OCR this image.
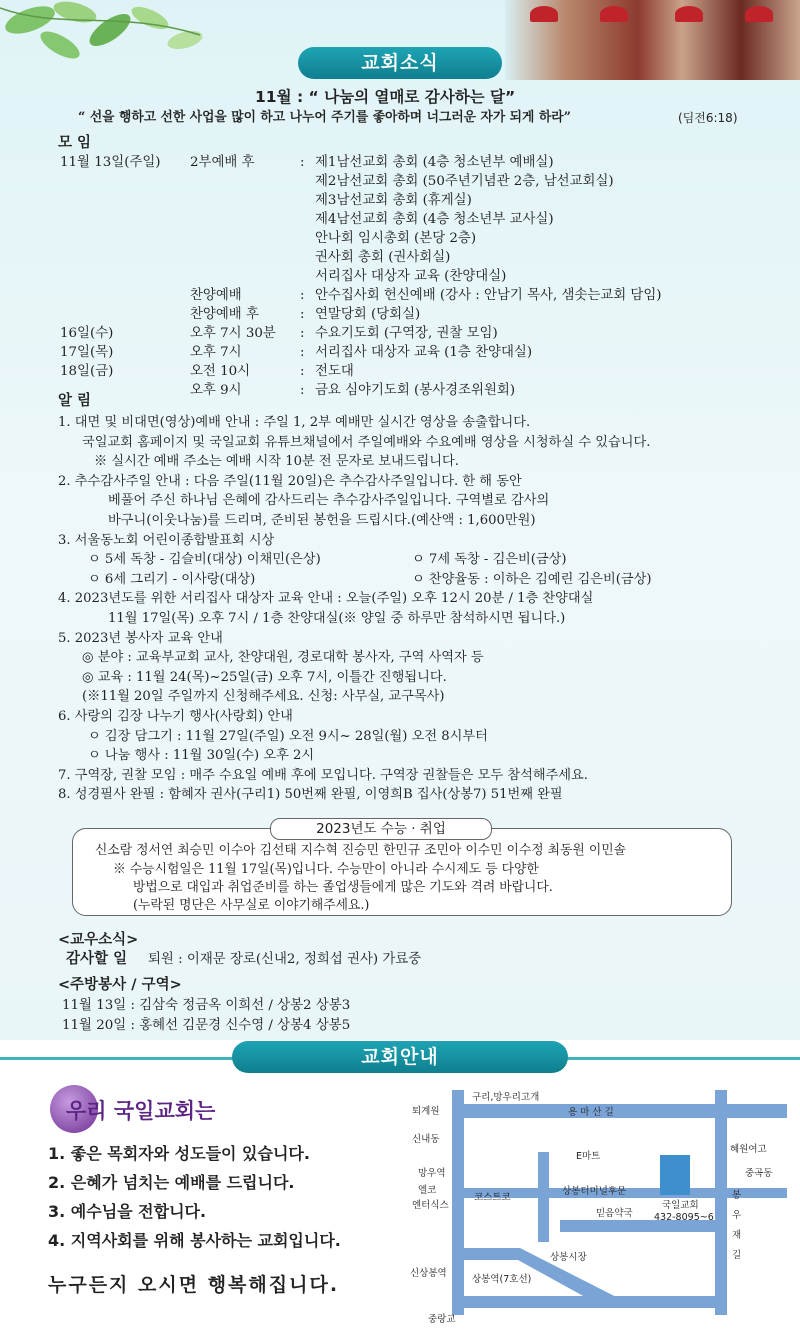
교회소식
11월 : “ 나눔의 열매로 감사하는 달”
“ 선을 행하고 선한 사업을 많이 하고 나누어 주기를 좋아하며 너그러운 자가 되게 하라”	(딤전6:18)
모 임
11월 13일(주일) 2부예배 후	: 제1남선교회 총회 (4층 청소년부 예배실)
제2남선교회 총회 (50주년기념관 2층, 남선교회실)
제3남선교회 총회 (휴게실)
제4남선교회 총회 (4층 청소년부 교사실)
안나회 임시총회 (본당 2층)
권사회 총회 (권사회실)
서리집사 대상자 교육 (찬양대실)
찬양예배	: 안수집사회 헌신예배 (강사 : 안남기 목사, 샘솟는교회 담임)
찬양예배 후	: 연말당회 (당회실)
16일(수)	오후 7시 30분 : 수요기도회 (구역장, 권찰 모임)
17일(목)	오후 7시	: 서리집사 대상자 교육 (1층 찬양대실)
18일(금)	오전 10시	: 전도대
오후 9시	: 금요 심야기도회 (봉사경조위원회)
알 림
1. 대면 및 비대면(영상)예배 안내 : 주일 1, 2부 예배만 실시간 영상을 송출합니다.
국일교회 홈페이지 및 국일교회 유튜브채널에서 주일예배와 수요예배 영상을 시청하실 수 있습니다.
※ 실시간 예배 주소는 예배 시작 10분 전 문자로 보내드립니다.
2. 추수감사주일 안내 : 다음 주일(11월 20일)은 추수감사주일입니다. 한 해 동안
베풀어 주신 하나님 은혜에 감사드리는 추수감사주일입니다. 구역별로 감사의
바구니(이웃나눔)를 드리며, 준비된 봉헌을 드립시다.(예산액 : 1,600만원)
3. 서울동노회 어린이종합발표회 시상
ㅇ 5세 독창 - 김슬비(대상) 이채민(은상)	ㅇ 7세 독창 - 김은비(금상)
ㅇ 6세 그리기 - 이사랑(대상)	ㅇ 찬양율동 : 이하은 김예린 김은비(금상)
4. 2023년도를 위한 서리집사 대상자 교육 안내 : 오늘(주일) 오후 12시 20분 / 1층 찬양대실
11월 17일(목) 오후 7시 / 1층 찬양대실(※ 양일 중 하루만 참석하시면 됩니다.)
5. 2023년 봉사자 교육 안내
◎ 분야 : 교육부교회 교사, 찬양대원, 경로대학 봉사자, 구역 사역자 등
◎ 교육 : 11월 24(목)~25일(금) 오후 7시, 이틀간 진행됩니다.
(※11월 20일 주일까지 신청해주세요. 신청: 사무실, 교구목사)
6. 사랑의 김장 나누기 행사(사랑회) 안내
ㅇ 김장 담그기 : 11월 27일(주일) 오전 9시~ 28일(월) 오전 8시부터
ㅇ 나눔 행사 : 11월 30일(수) 오후 2시
7. 구역장, 권찰 모임 : 매주 수요일 예배 후에 모입니다. 구역장 권찰들은 모두 참석해주세요.
8. 성경필사 완필 : 함혜자 권사(구리1) 50번째 완필, 이영희B 집사(상봉7) 51번째 완필
신소람 정서연 최승민 이수아 김선태 지수혁 진승민 한민규 조민아 이수민 이수정 최동원 이민솔
※ 수능시험일은 11월 17일(목)입니다. 수능만이 아니라 수시제도 등 다양한
방법으로 대입과 취업준비를 하는 졸업생들에게 많은 기도와 격려 바랍니다.
(누락된 명단은 사무실로 이야기해주세요.)
2023년도 수능 · 취업
<교우소식>
감사할 일 퇴원 : 이재문 장로(신내2, 정희섭 권사) 가료중
<주방봉사 / 구역>
11월 13일 : 김삼숙 정금옥 이희선 / 상봉2 상봉3
11월 20일 : 홍혜선 김문경 신수영 / 상봉4 상봉5
교회안내
우리 국일교회는
1. 좋은 목회자와 성도들이 있습니다.
2. 은혜가 넘치는 예배를 드립니다.
3. 예수님을 전합니다.
4. 지역사회를 위해 봉사하는 교회입니다.
누구든지 오시면 행복해집니다.
구리,망우리고개
퇴계원	용 마 산 길
혜원여고
신내동
E마트
망우역	중곡동
엘코
엔터식스
코스트코
상봉터미널후문
국일교회
432-8095~6
믿음약국
봉
우
재
길
상봉시장
신상봉역
상봉역(7호선)
중랑교
